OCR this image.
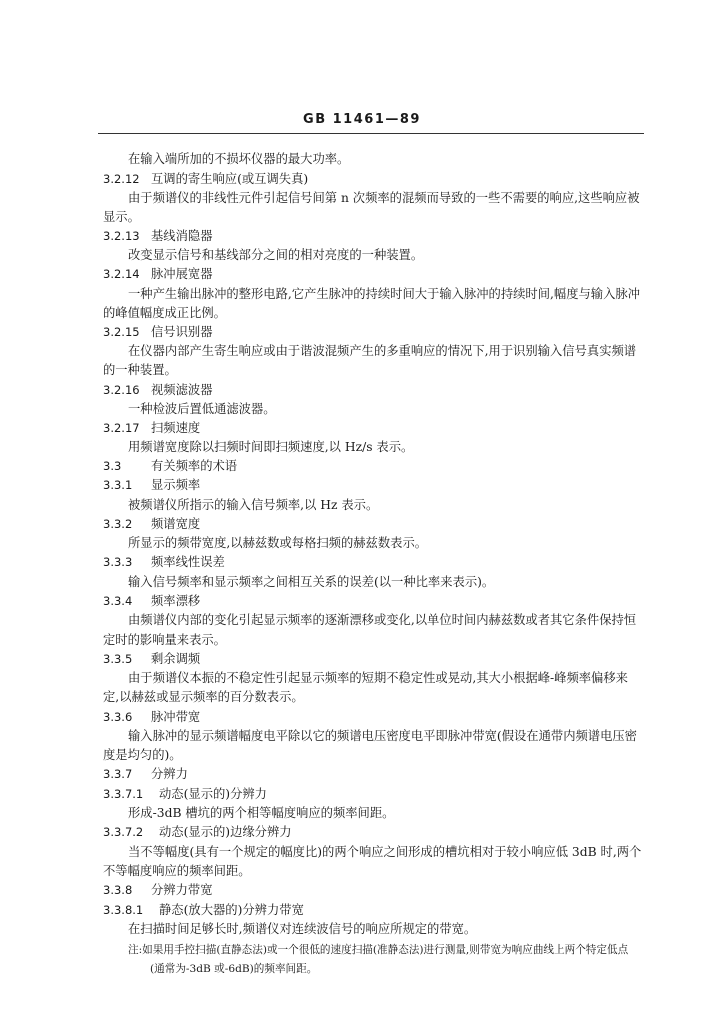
GB 11461—89
在输入端所加的不损坏仪器的最大功率。
3.2.12 互调的寄生响应(或互调失真)
由于频谱仪的非线性元件引起信号间第 n 次频率的混频而导致的一些不需要的响应,这些响应被
显示。
3.2.13 基线消隐器
改变显示信号和基线部分之间的相对亮度的一种装置。
3.2.14 脉冲展宽器
一种产生输出脉冲的整形电路,它产生脉冲的持续时间大于输入脉冲的持续时间,幅度与输入脉冲
的峰值幅度成正比例。
3.2.15 信号识别器
在仪器内部产生寄生响应或由于谐波混频产生的多重响应的情况下,用于识别输入信号真实频谱
的一种装置。
3.2.16 视频滤波器
一种检波后置低通滤波器。
3.2.17 扫频速度
用频谱宽度除以扫频时间即扫频速度,以 Hz/s 表示。
3.3 有关频率的术语
3.3.1 显示频率
被频谱仪所指示的输入信号频率,以 Hz 表示。
3.3.2 频谱宽度
所显示的频带宽度,以赫兹数或每格扫频的赫兹数表示。
3.3.3 频率线性误差
输入信号频率和显示频率之间相互关系的误差(以一种比率来表示)。
3.3.4 频率漂移
由频谱仪内部的变化引起显示频率的逐渐漂移或变化,以单位时间内赫兹数或者其它条件保持恒
定时的影响量来表示。
3.3.5 剩余调频
由于频谱仪本振的不稳定性引起显示频率的短期不稳定性或晃动,其大小根据峰-峰频率偏移来
定,以赫兹或显示频率的百分数表示。
3.3.6 脉冲带宽
输入脉冲的显示频谱幅度电平除以它的频谱电压密度电平即脉冲带宽(假设在通带内频谱电压密
度是均匀的)。
3.3.7 分辨力
3.3.7.1 动态(显示的)分辨力
形成-3dB 槽坑的两个相等幅度响应的频率间距。
3.3.7.2 动态(显示的)边缘分辨力
当不等幅度(具有一个规定的幅度比)的两个响应之间形成的槽坑相对于较小响应低 3dB 时,两个
不等幅度响应的频率间距。
3.3.8 分辨力带宽
3.3.8.1 静态(放大器的)分辨力带宽
在扫描时间足够长时,频谱仪对连续波信号的响应所规定的带宽。
注:如果用手控扫描(直静态法)或一个很低的速度扫描(准静态法)进行测量,则带宽为响应曲线上两个特定低点
(通常为-3dB 或-6dB)的频率间距。
